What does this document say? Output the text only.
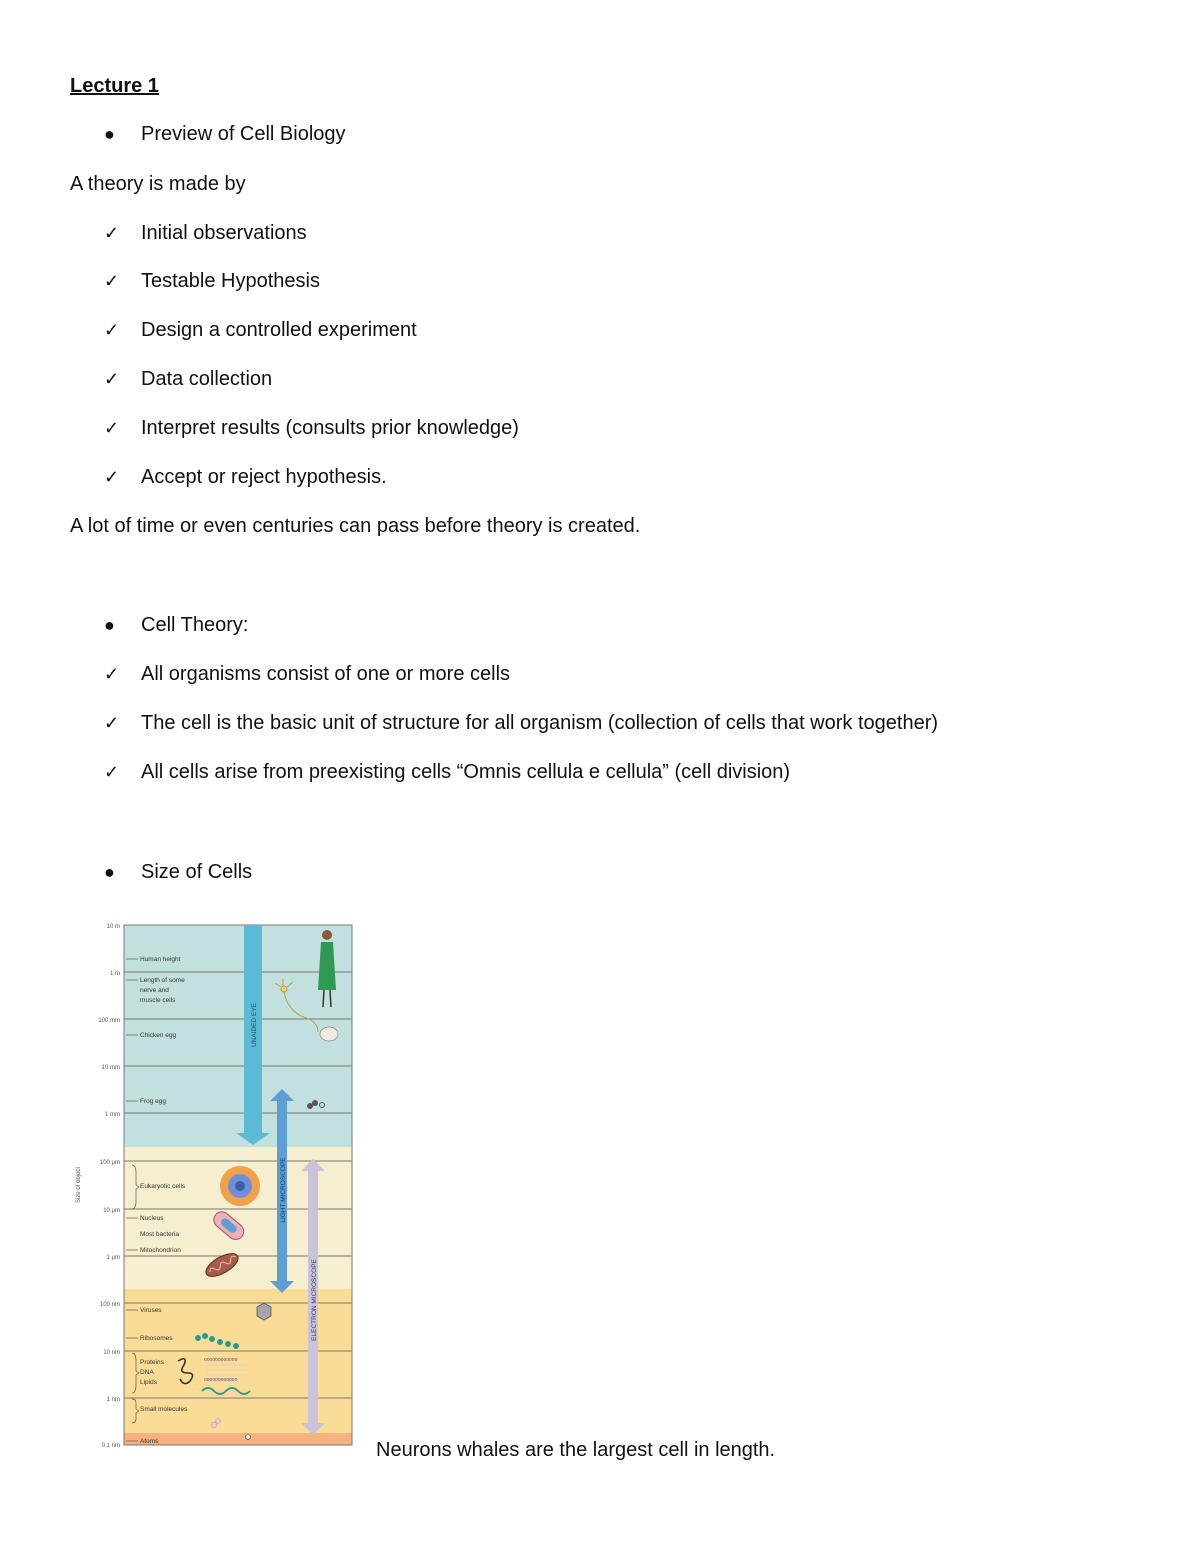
Lecture 1
● Preview of Cell Biology
A theory is made by
✓ Initial observations
✓ Testable Hypothesis
✓ Design a controlled experiment
✓ Data collection
✓ Interpret results (consults prior knowledge)
✓ Accept or reject hypothesis.
A lot of time or even centuries can pass before theory is created.
● Cell Theory:
✓ All organisms consist of one or more cells
✓ The cell is the basic unit of structure for all organism (collection of cells that work together)
✓ All cells arise from preexisting cells “Omnis cellula e cellula” (cell division)
● Size of Cells
Size of object
10 m
1 m
100 mm
10 mm
1 mm
100 µm
10 µm
1 µm
100 nm
10 nm
1 nm
0.1 nm
Human height
Length of some
nerve and
muscle cells
Chicken egg
Frog egg
Eukaryotic cells
Nucleus
Most bacteria
Mitochondrion
Viruses
Ribosomes
Proteins
DNA
Lipids
Small molecules
Atoms
UNAIDED EYE
LIGHT MICROSCOPE
ELECTRON MICROSCOPE
oooooooooooo
oooooooooooo
Neurons whales are the largest cell in length.
